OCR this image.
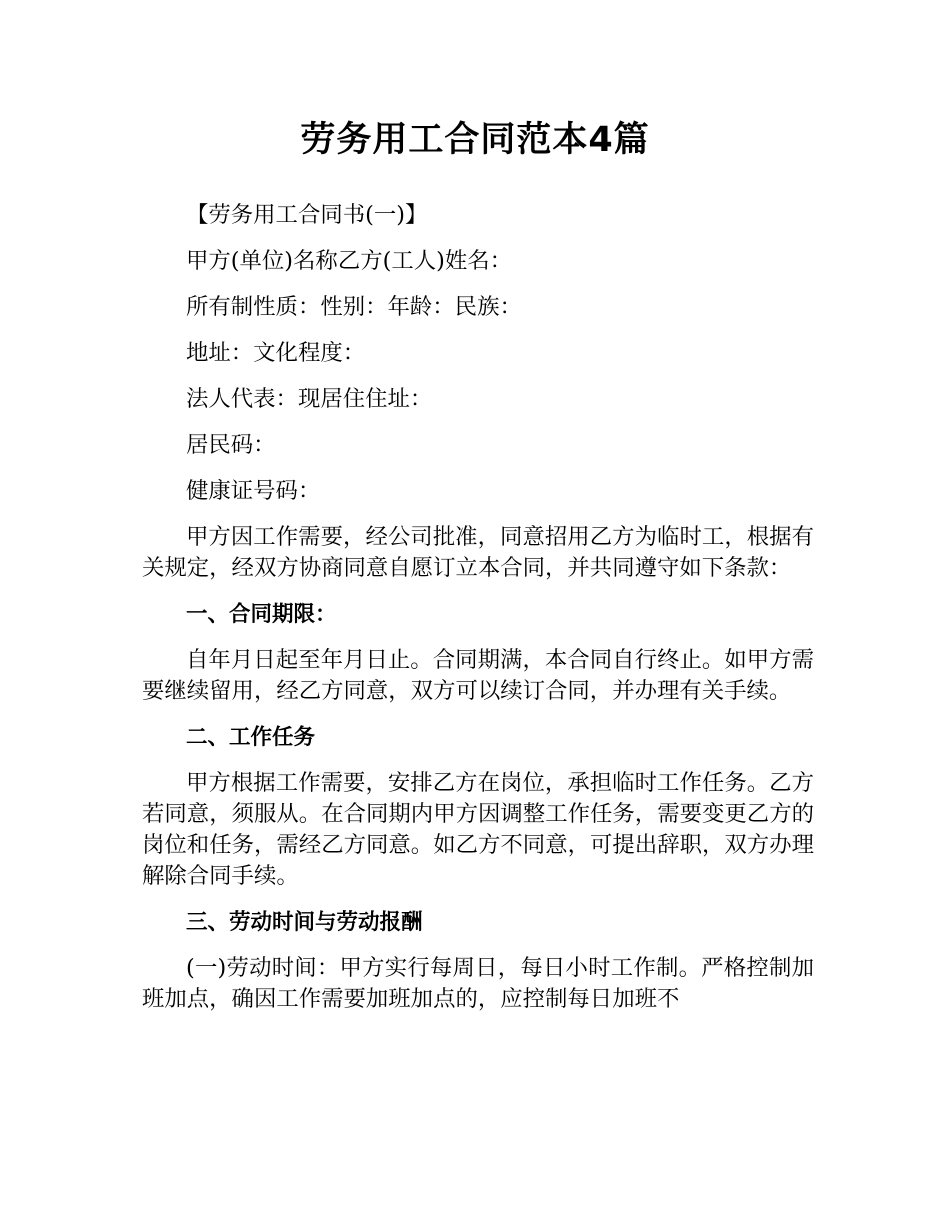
劳务用工合同范本4篇

【劳务用工合同书(一)】

甲方(单位)名称乙方(工人)姓名：

所有制性质：性别：年龄：民族：

地址：文化程度：

法人代表：现居住住址：

居民码：

健康证号码：

甲方因工作需要，经公司批准，同意招用乙方为临时工，根据有关规定，经双方协商同意自愿订立本合同，并共同遵守如下条款：

一、合同期限：

自年月日起至年月日止。合同期满，本合同自行终止。如甲方需要继续留用，经乙方同意，双方可以续订合同，并办理有关手续。

二、工作任务

甲方根据工作需要，安排乙方在岗位，承担临时工作任务。乙方若同意，须服从。在合同期内甲方因调整工作任务，需要变更乙方的岗位和任务，需经乙方同意。如乙方不同意，可提出辞职，双方办理解除合同手续。

三、劳动时间与劳动报酬

(一)劳动时间：甲方实行每周日，每日小时工作制。严格控制加班加点，确因工作需要加班加点的，应控制每日加班不
